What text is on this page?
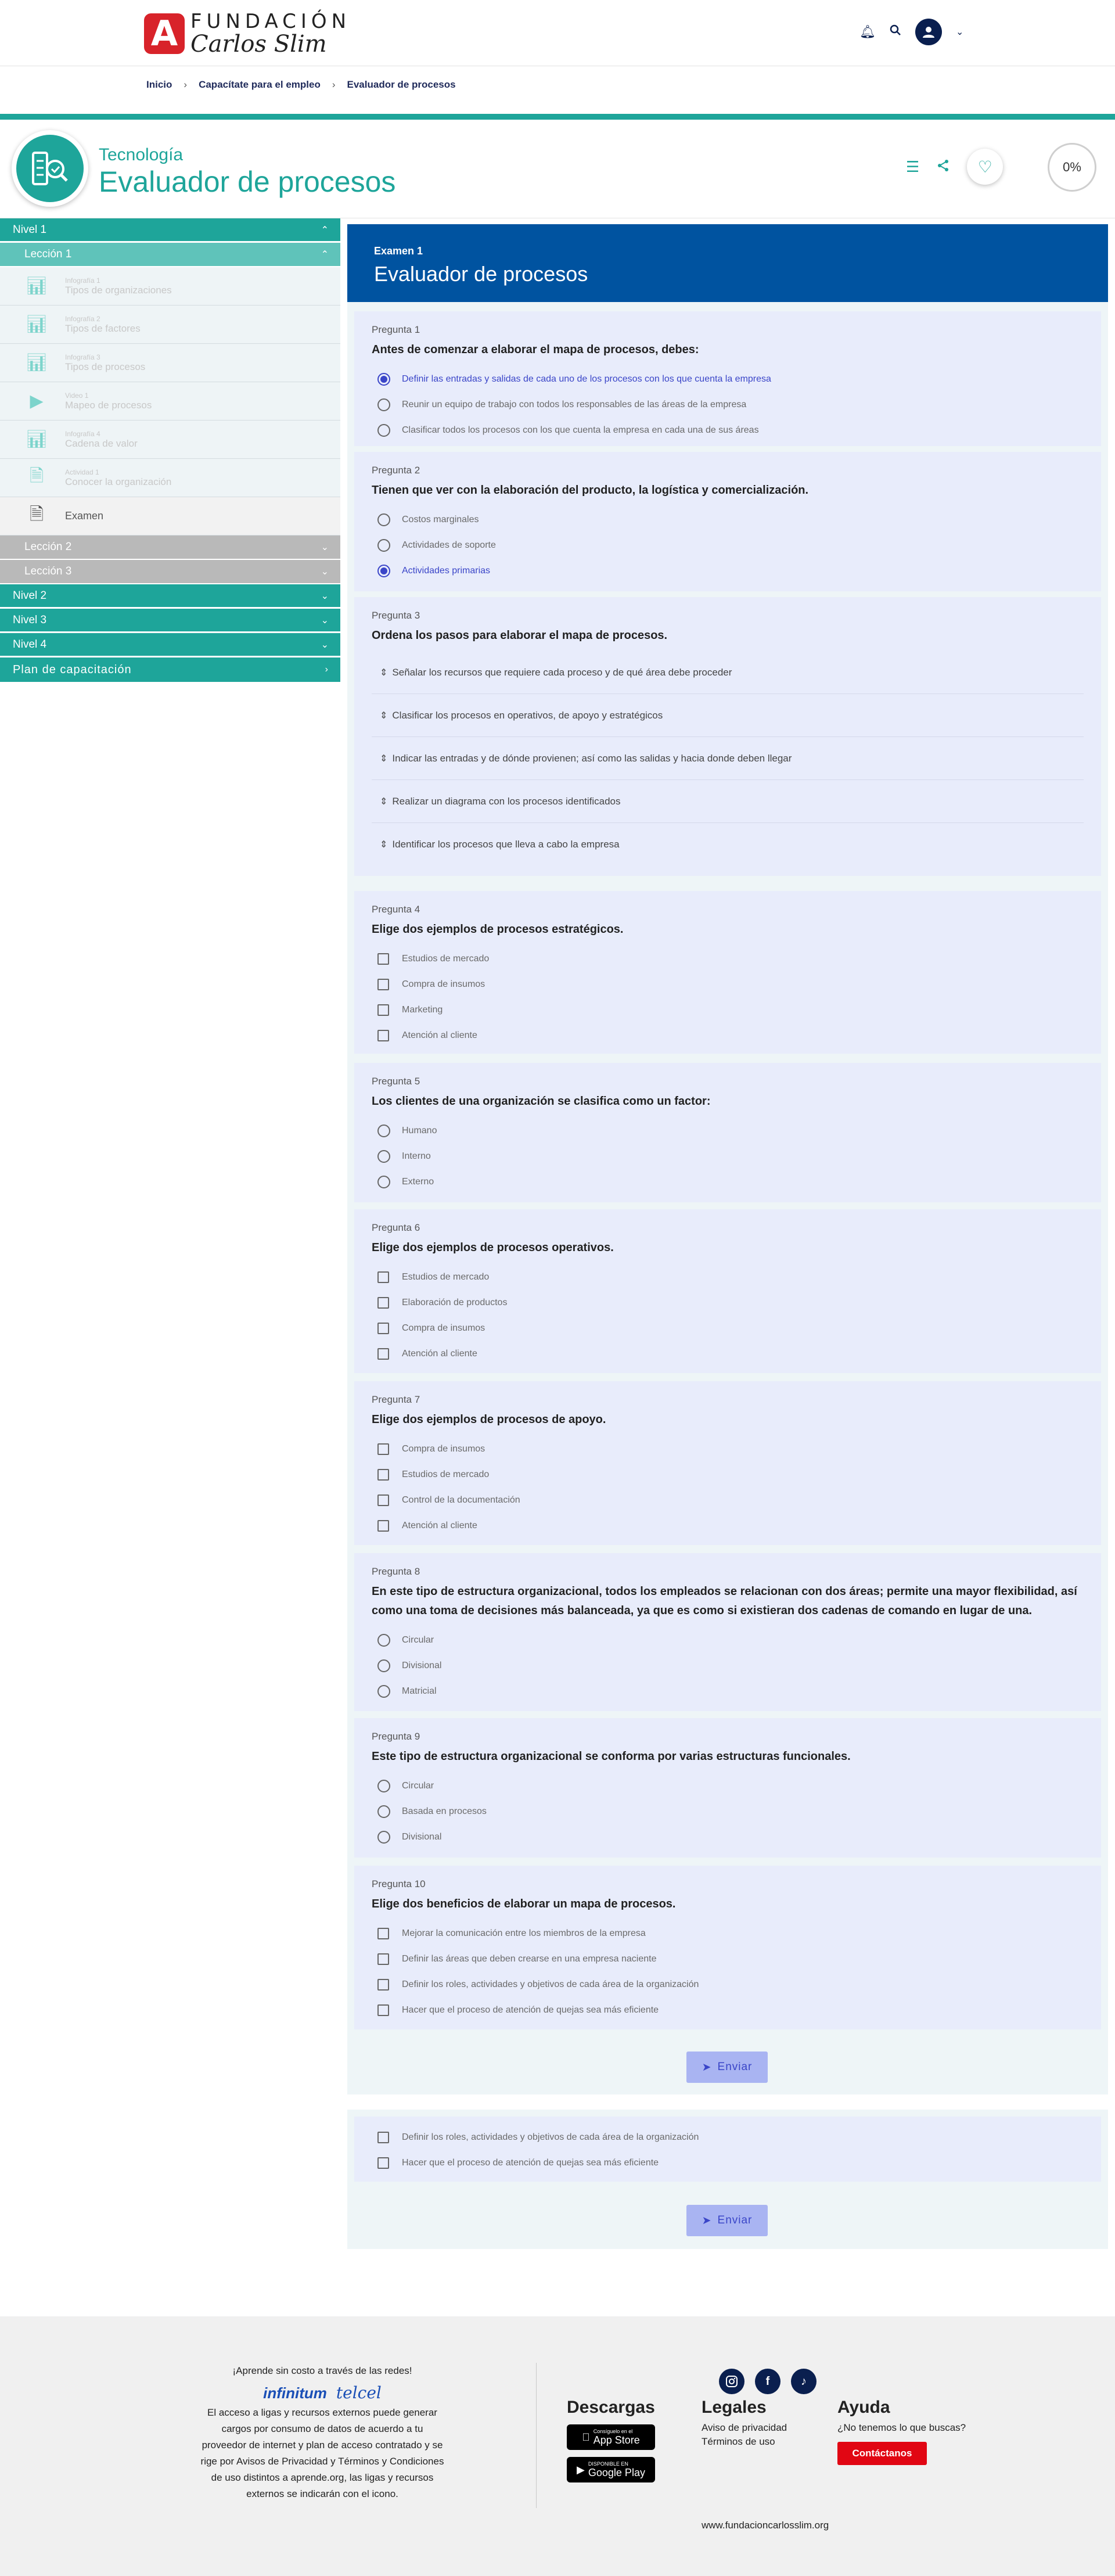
A FUNDACIÓN
Carlos Slim	🔔︎	⌄
Inicio › Capacítate para el empleo › Evaluador de procesos
Tecnología
Evaluador de procesos	☰	♡	0%
Nivel 1	⌃
Lección 1	⌃
📊︎ Infografía 1
Tipos de organizaciones
📊︎ Infografía 2
Tipos de factores
📊︎ Infografía 3
Tipos de procesos
▶	Video 1
Mapeo de procesos
📊︎ Infografía 4
Cadena de valor
🗎︎	Actividad 1
Conocer la organización
🗎︎ Examen
Lección 2	⌄
Lección 3	⌄
Nivel 2	⌄
Nivel 3	⌄
Nivel 4	⌄
Plan de capacitación	›
Examen 1
Evaluador de procesos
Pregunta 1
Antes de comenzar a elaborar el mapa de procesos, debes:
Definir las entradas y salidas de cada uno de los procesos con los que cuenta la empresa
Reunir un equipo de trabajo con todos los responsables de las áreas de la empresa
Clasificar todos los procesos con los que cuenta la empresa en cada una de sus áreas
Pregunta 2
Tienen que ver con la elaboración del producto, la logística y comercialización.
Costos marginales
Actividades de soporte
Actividades primarias
Pregunta 3
Ordena los pasos para elaborar el mapa de procesos.
⇕ Señalar los recursos que requiere cada proceso y de qué área debe proceder
⇕ Clasificar los procesos en operativos, de apoyo y estratégicos
⇕ Indicar las entradas y de dónde provienen; así como las salidas y hacia donde deben llegar
⇕ Realizar un diagrama con los procesos identificados
⇕ Identificar los procesos que lleva a cabo la empresa
Pregunta 4
Elige dos ejemplos de procesos estratégicos.
Estudios de mercado
Compra de insumos
Marketing
Atención al cliente
Pregunta 5
Los clientes de una organización se clasifica como un factor:
Humano
Interno
Externo
Pregunta 6
Elige dos ejemplos de procesos operativos.
Estudios de mercado
Elaboración de productos
Compra de insumos
Atención al cliente
Pregunta 7
Elige dos ejemplos de procesos de apoyo.
Compra de insumos
Estudios de mercado
Control de la documentación
Atención al cliente
Pregunta 8
En este tipo de estructura organizacional, todos los empleados se relacionan con dos áreas; permite una mayor flexibilidad, así como una toma de decisiones más balanceada, ya que es como si existieran dos cadenas de comando en lugar de una.
Circular
Divisional
Matricial
Pregunta 9
Este tipo de estructura organizacional se conforma por varias estructuras funcionales.
Circular
Basada en procesos
Divisional
Pregunta 10
Elige dos beneficios de elaborar un mapa de procesos.
Mejorar la comunicación entre los miembros de la empresa
Definir las áreas que deben crearse en una empresa naciente
Definir los roles, actividades y objetivos de cada área de la organización
Hacer que el proceso de atención de quejas sea más eficiente
➤ Enviar
Definir los roles, actividades y objetivos de cada área de la organización
Hacer que el proceso de atención de quejas sea más eficiente
➤ Enviar
¡Aprende sin costo a través de las redes!
infinitum telcel
El acceso a ligas y recursos externos puede generar cargos por consumo de datos de acuerdo a tu proveedor de internet y plan de acceso contratado y se rige por Avisos de Privacidad y Términos y Condiciones de uso distintos a aprende.org, las ligas y recursos externos se indicarán con el icono.
f	♪
Descargas
Consíguelo en el
App Store
▶ DISPONIBLE EN
Google Play
Legales
Aviso de privacidad
Términos de uso
Ayuda
¿No tenemos lo que buscas?
Contáctanos
www.fundacioncarlosslim.org
